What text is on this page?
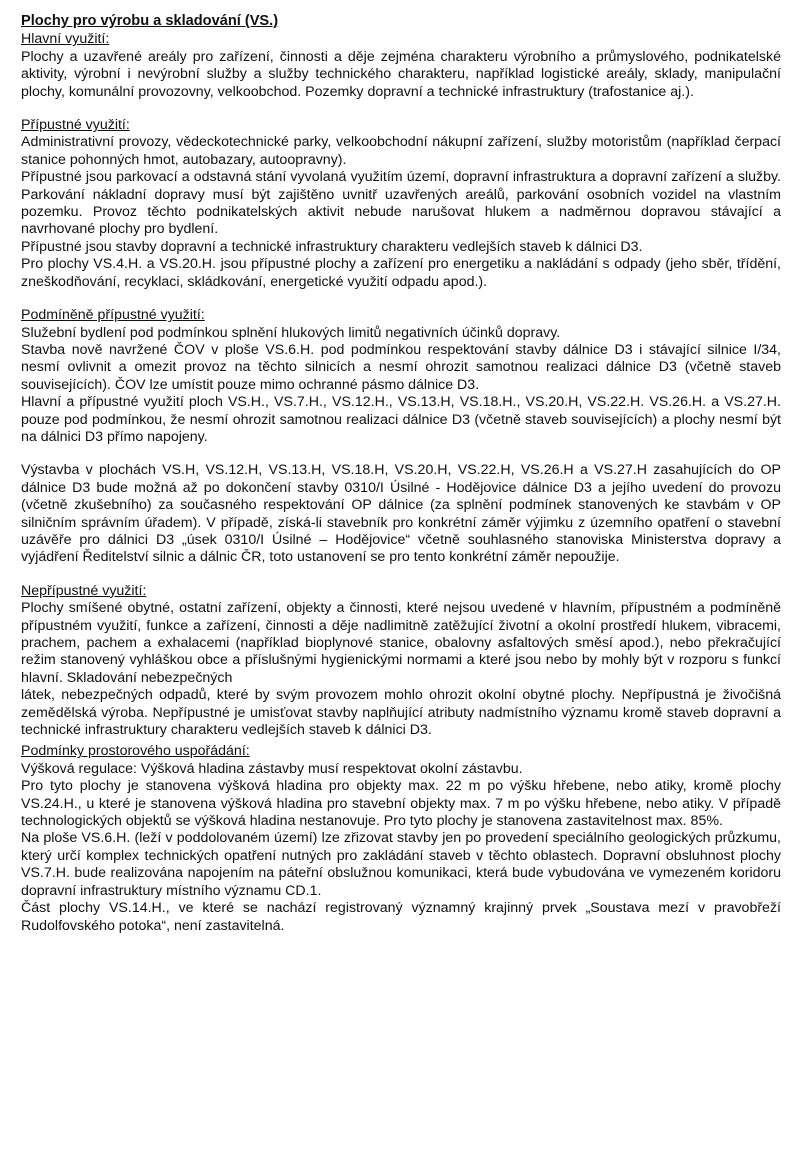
Plochy pro výrobu a skladování (VS.)

Hlavní využití:

Plochy a uzavřené areály pro zařízení, činnosti a děje zejména charakteru výrobního a průmyslového, podnikatelské aktivity, výrobní i nevýrobní služby a služby technického charakteru, například logistické areály, sklady, manipulační plochy, komunální provozovny, velkoobchod. Pozemky dopravní a technické infrastruktury (trafostanice aj.).

Přípustné využití:

Administrativní provozy, vědeckotechnické parky, velkoobchodní nákupní zařízení, služby motoristům (například čerpací stanice pohonných hmot, autobazary, autoopravny).

Přípustné jsou parkovací a odstavná stání vyvolaná využitím území, dopravní infrastruktura a dopravní zařízení a služby. Parkování nákladní dopravy musí být zajištěno uvnitř uzavřených areálů, parkování osobních vozidel na vlastním pozemku. Provoz těchto podnikatelských aktivit nebude narušovat hlukem a nadměrnou dopravou stávající a navrhované plochy pro bydlení.

Přípustné jsou stavby dopravní a technické infrastruktury charakteru vedlejších staveb k dálnici D3.

Pro plochy VS.4.H. a VS.20.H. jsou přípustné plochy a zařízení pro energetiku a nakládání s odpady (jeho sběr, třídění, zneškodňování, recyklaci, skládkování, energetické využití odpadu apod.).

Podmíněně přípustné využití:

Služební bydlení pod podmínkou splnění hlukových limitů negativních účinků dopravy.

Stavba nově navržené ČOV v ploše VS.6.H. pod podmínkou respektování stavby dálnice D3 i stávající silnice I/34, nesmí ovlivnit a omezit provoz na těchto silnicích a nesmí ohrozit samotnou realizaci dálnice D3 (včetně staveb souvisejících). ČOV lze umístit pouze mimo ochranné pásmo dálnice D3.

Hlavní a přípustné využití ploch VS.H., VS.7.H., VS.12.H., VS.13.H, VS.18.H., VS.20.H, VS.22.H. VS.26.H. a VS.27.H. pouze pod podmínkou, že nesmí ohrozit samotnou realizaci dálnice D3 (včetně staveb souvisejících) a plochy nesmí být na dálnici D3 přímo napojeny.

Výstavba v plochách VS.H, VS.12.H, VS.13.H, VS.18.H, VS.20.H, VS.22.H, VS.26.H a VS.27.H zasahujících do OP dálnice D3 bude možná až po dokončení stavby 0310/I Úsilné - Hodějovice dálnice D3 a jejího uvedení do provozu (včetně zkušebního) za současného respektování OP dálnice (za splnění podmínek stanovených ke stavbám v OP silničním správním úřadem). V případě, získá-li stavebník pro konkrétní záměr výjimku z územního opatření o stavební uzávěře pro dálnici D3 „úsek 0310/I Úsilné – Hodějovice“ včetně souhlasného stanoviska Ministerstva dopravy a vyjádření Ředitelství silnic a dálnic ČR, toto ustanovení se pro tento konkrétní záměr nepoužije.

Nepřípustné využití:

Plochy smíšené obytné, ostatní zařízení, objekty a činnosti, které nejsou uvedené v hlavním, přípustném a podmíněně přípustném využití, funkce a zařízení, činnosti a děje nadlimitně zatěžující životní a okolní prostředí hlukem, vibracemi, prachem, pachem a exhalacemi (například bioplynové stanice, obalovny asfaltových směsí apod.), nebo překračující režim stanovený vyhláškou obce a příslušnými hygienickými normami a které jsou nebo by mohly být v rozporu s funkcí hlavní. Skladování nebezpečných

látek, nebezpečných odpadů, které by svým provozem mohlo ohrozit okolní obytné plochy. Nepřípustná je živočišná zemědělská výroba. Nepřípustné je umisťovat stavby naplňující atributy nadmístního významu kromě staveb dopravní a technické infrastruktury charakteru vedlejších staveb k dálnici D3.

Podmínky prostorového uspořádání:

Výšková regulace: Výšková hladina zástavby musí respektovat okolní zástavbu.

Pro tyto plochy je stanovena výšková hladina pro objekty max. 22 m po výšku hřebene, nebo atiky, kromě plochy VS.24.H., u které je stanovena výšková hladina pro stavební objekty max. 7 m po výšku hřebene, nebo atiky. V případě technologických objektů se výšková hladina nestanovuje. Pro tyto plochy je stanovena zastavitelnost max. 85%.

Na ploše VS.6.H. (leží v poddolovaném území) lze zřizovat stavby jen po provedení speciálního geologických průzkumu, který určí komplex technických opatření nutných pro zakládání staveb v těchto oblastech. Dopravní obsluhnost plochy VS.7.H. bude realizována napojením na páteřní obslužnou komunikaci, která bude vybudována ve vymezeném koridoru dopravní infrastruktury místního významu CD.1.

Část plochy VS.14.H., ve které se nachází registrovaný významný krajinný prvek „Soustava mezí v pravobřeží Rudolfovského potoka“, není zastavitelná.
